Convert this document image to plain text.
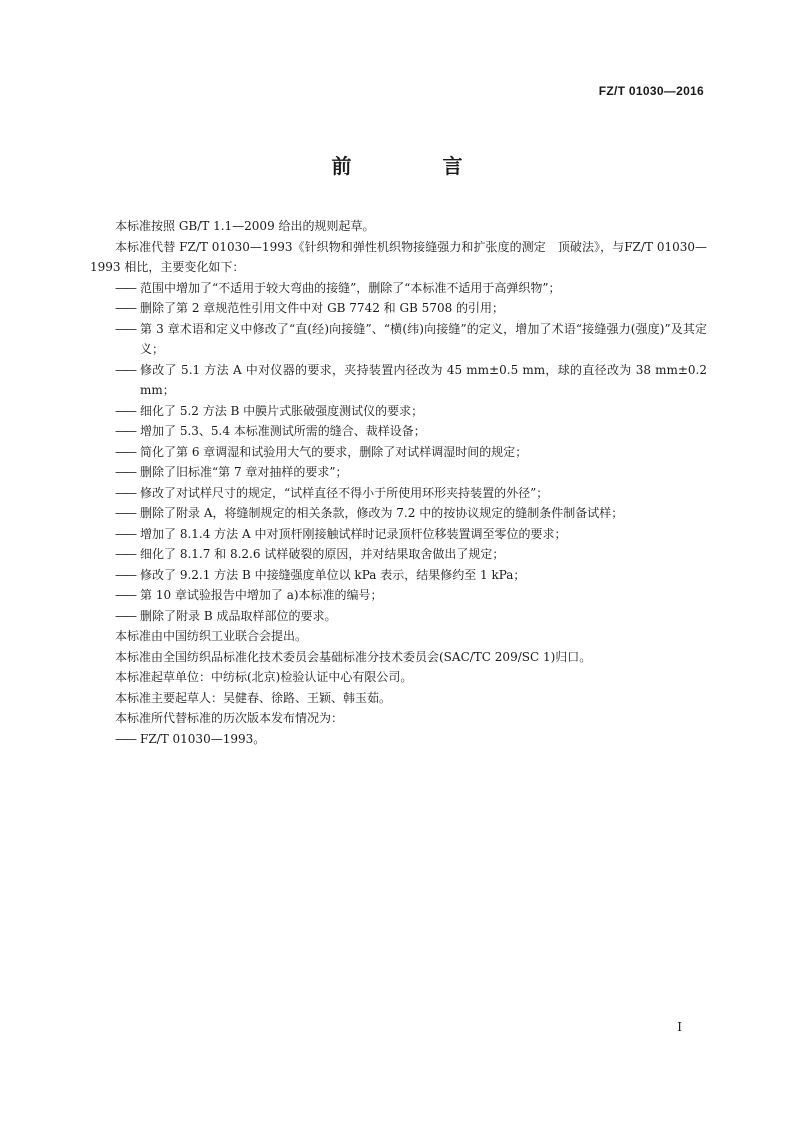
FZ/T 01030—2016
前 言

本标准按照 GB/T 1.1—2009 给出的规则起草。

本标准代替 FZ/T 01030—1993《针织物和弹性机织物接缝强力和扩张度的测定　顶破法》，与FZ/T 01030—1993 相比，主要变化如下：

—— 范围中增加了“不适用于较大弯曲的接缝”，删除了“本标准不适用于高弹织物”；

—— 删除了第 2 章规范性引用文件中对 GB 7742 和 GB 5708 的引用；

—— 第 3 章术语和定义中修改了“直(经)向接缝”、“横(纬)向接缝”的定义，增加了术语“接缝强力(强度)”及其定义；

—— 修改了 5.1 方法 A 中对仪器的要求，夹持装置内径改为 45 mm±0.5 mm，球的直径改为 38 mm±0.2 mm；

—— 细化了 5.2 方法 B 中膜片式胀破强度测试仪的要求；

—— 增加了 5.3、5.4 本标准测试所需的缝合、裁样设备；

—— 简化了第 6 章调湿和试验用大气的要求，删除了对试样调湿时间的规定；

—— 删除了旧标准“第 7 章对抽样的要求”；

—— 修改了对试样尺寸的规定，“试样直径不得小于所使用环形夹持装置的外径”；

—— 删除了附录 A，将缝制规定的相关条款，修改为 7.2 中的按协议规定的缝制条件制备试样；

—— 增加了 8.1.4 方法 A 中对顶杆刚接触试样时记录顶杆位移装置调至零位的要求；

—— 细化了 8.1.7 和 8.2.6 试样破裂的原因，并对结果取舍做出了规定；

—— 修改了 9.2.1 方法 B 中接缝强度单位以 kPa 表示，结果修约至 1 kPa；

—— 第 10 章试验报告中增加了 a)本标准的编号；

—— 删除了附录 B 成品取样部位的要求。

本标准由中国纺织工业联合会提出。

本标准由全国纺织品标准化技术委员会基础标准分技术委员会(SAC/TC 209/SC 1)归口。

本标准起草单位：中纺标(北京)检验认证中心有限公司。

本标准主要起草人：吴健春、徐路、王颖、韩玉茹。

本标准所代替标准的历次版本发布情况为：

—— FZ/T 01030—1993。

I
